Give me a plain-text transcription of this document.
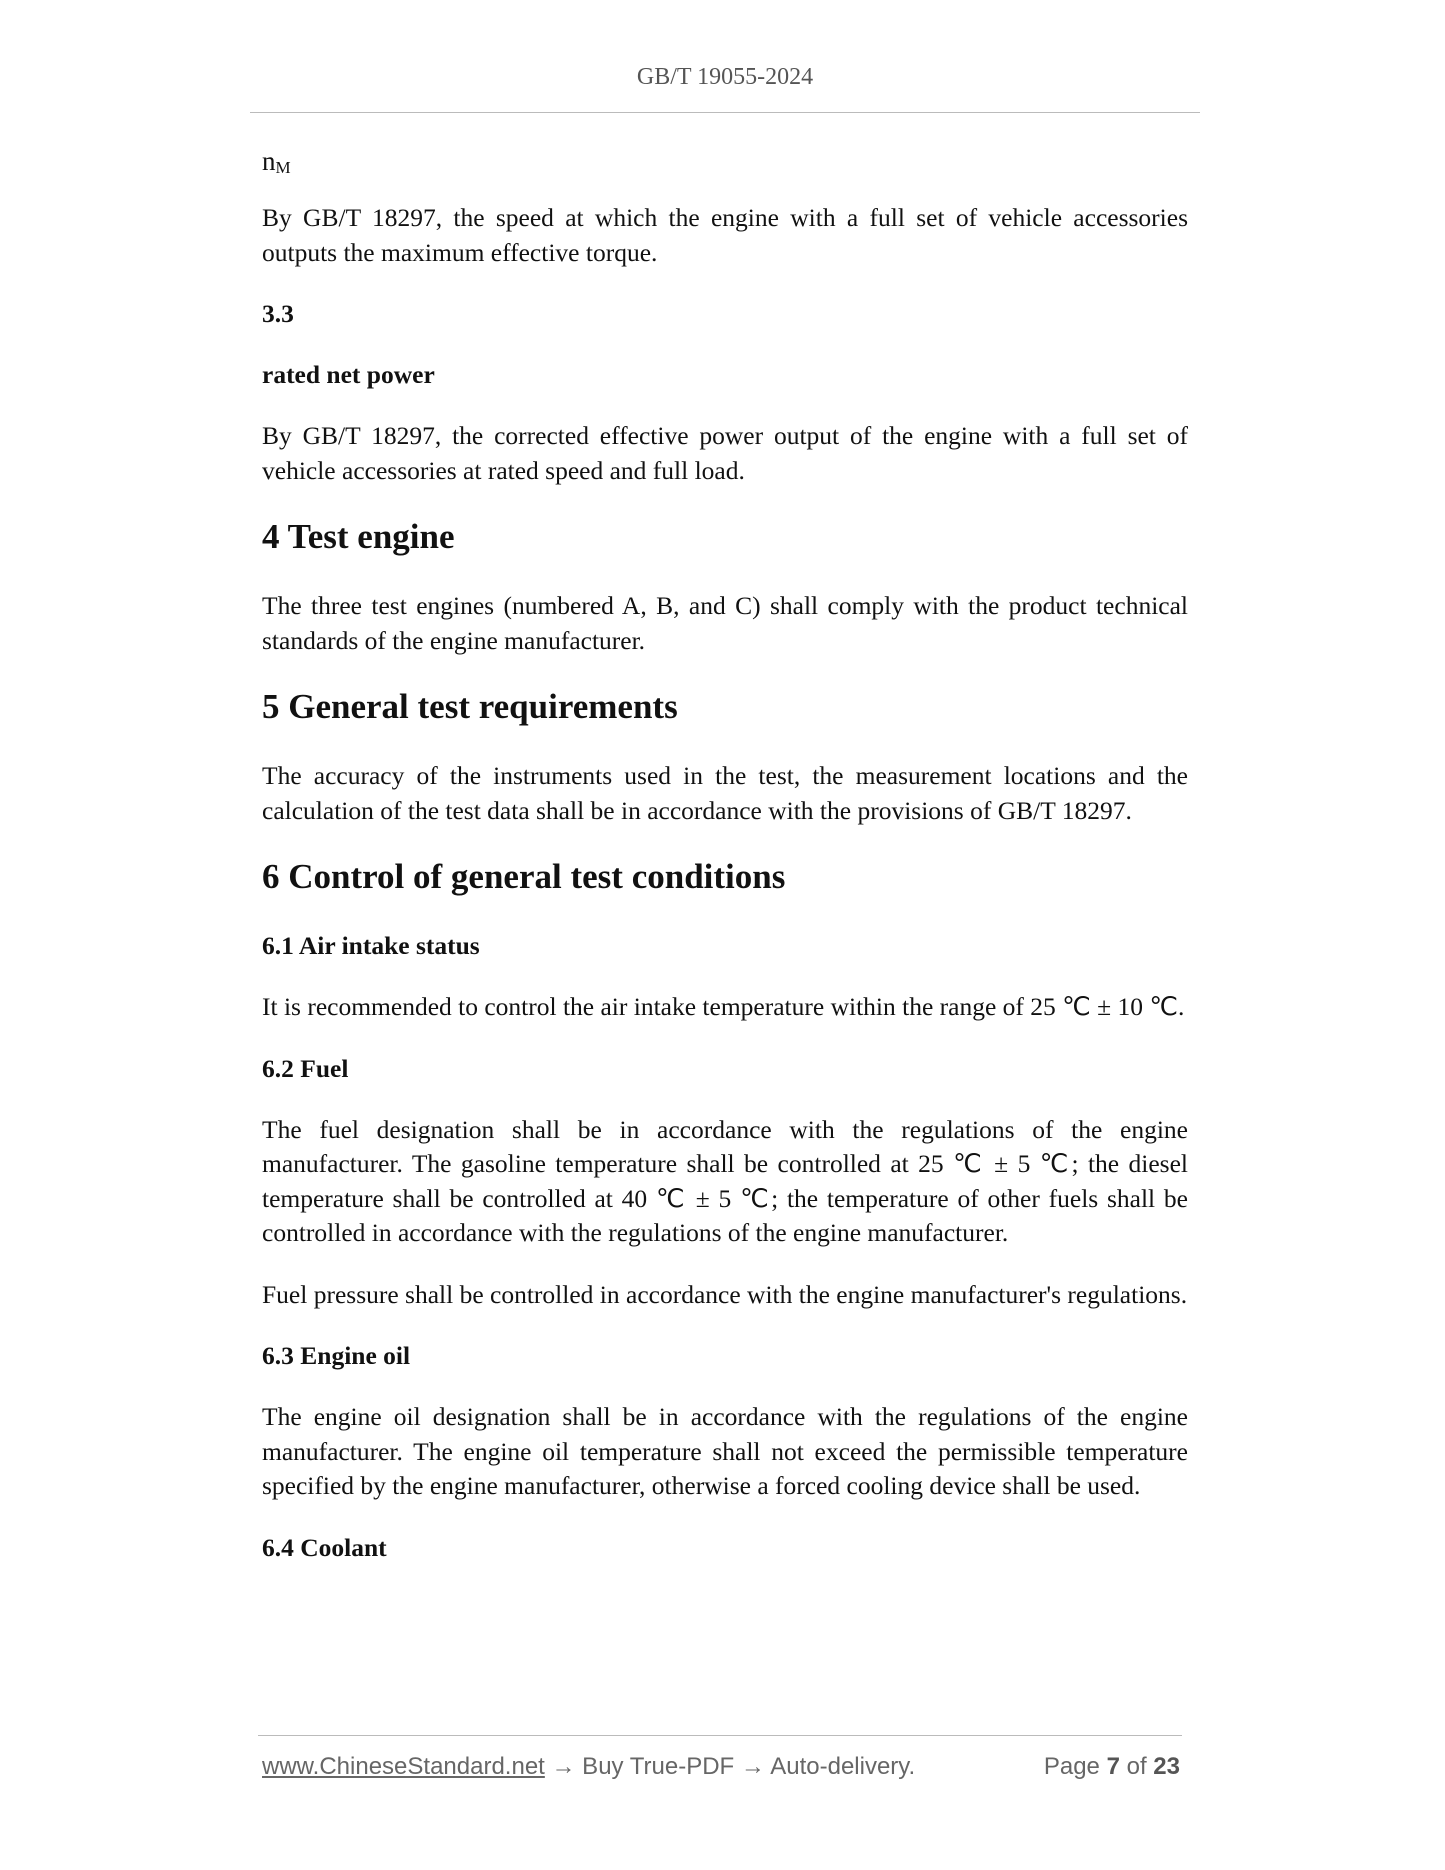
GB/T 19055-2024
$n_M$

By GB/T 18297, the speed at which the engine with a full set of vehicle accessories outputs the maximum effective torque.

3.3
rated net power

By GB/T 18297, the corrected effective power output of the engine with a full set of vehicle accessories at rated speed and full load.

4 Test engine

The three test engines (numbered A, B, and C) shall comply with the product technical standards of the engine manufacturer.

5 General test requirements

The accuracy of the instruments used in the test, the measurement locations and the calculation of the test data shall be in accordance with the provisions of GB/T 18297.

6 Control of general test conditions
6.1 Air intake status

It is recommended to control the air intake temperature within the range of 25 ℃ ± 10 ℃.

6.2 Fuel

The fuel designation shall be in accordance with the regulations of the engine manufacturer. The gasoline temperature shall be controlled at 25 ℃ ± 5 ℃; the diesel temperature shall be controlled at 40 ℃ ± 5 ℃; the temperature of other fuels shall be controlled in accordance with the regulations of the engine manufacturer.

Fuel pressure shall be controlled in accordance with the engine manufacturer's regulations.

6.3 Engine oil

The engine oil designation shall be in accordance with the regulations of the engine manufacturer. The engine oil temperature shall not exceed the permissible temperature specified by the engine manufacturer, otherwise a forced cooling device shall be used.

6.4 Coolant
www.ChineseStandard.net → Buy True-PDF → Auto-delivery.	Page 7 of 23
